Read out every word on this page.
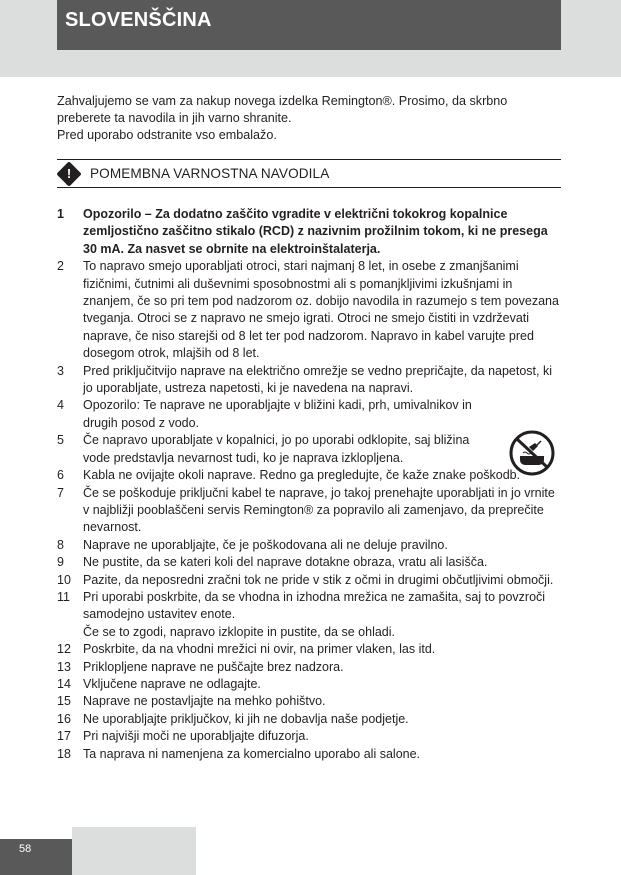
SLOVENŠČINA

Zahvaljujemo se vam za nakup novega izdelka Remington®. Prosimo, da skrbno preberete ta navodila in jih varno shranite.

Pred uporabo odstranite vso embalažo.

!	POMEMBNA VARNOSTNA NAVODILA
1	Opozorilo – Za dodatno zaščito vgradite v električni tokokrog kopalnice zemljostično zaščitno stikalo (RCD) z nazivnim prožilnim tokom, ki ne presega 30 mA. Za nasvet se obrnite na elektroinštalaterja.
2	To napravo smejo uporabljati otroci, stari najmanj 8 let, in osebe z zmanjšanimi fizičnimi, čutnimi ali duševnimi sposobnostmi ali s pomanjkljivimi izkušnjami in znanjem, če so pri tem pod nadzorom oz. dobijo navodila in razumejo s tem povezana tveganja. Otroci se z napravo ne smejo igrati. Otroci ne smejo čistiti in vzdrževati naprave, če niso starejši od 8 let ter pod nadzorom. Napravo in kabel varujte pred dosegom otrok, mlajših od 8 let.
3	Pred priključitvijo naprave na električno omrežje se vedno prepričajte, da napetost, ki jo uporabljate, ustreza napetosti, ki je navedena na napravi.
4	Opozorilo: Te naprave ne uporabljajte v bližini kadi, prh, umivalnikov in drugih posod z vodo.
5	Če napravo uporabljate v kopalnici, jo po uporabi odklopite, saj bližina vode predstavlja nevarnost tudi, ko je naprava izklopljena.
6	Kabla ne ovijajte okoli naprave. Redno ga pregledujte, če kaže znake poškodb.
7	Če se poškoduje priključni kabel te naprave, jo takoj prenehajte uporabljati in jo vrnite v najbližji pooblaščeni servis Remington® za popravilo ali zamenjavo, da preprečite nevarnost.
8	Naprave ne uporabljajte, če je poškodovana ali ne deluje pravilno.
9	Ne pustite, da se kateri koli del naprave dotakne obraza, vratu ali lasišča.
10 Pazite, da neposredni zračni tok ne pride v stik z očmi in drugimi občutljivimi območji.
11	Pri uporabi poskrbite, da se vhodna in izhodna mrežica ne zamašita, saj to povzroči samodejno ustavitev enote.
Če se to zgodi, napravo izklopite in pustite, da se ohladi.
12 Poskrbite, da na vhodni mrežici ni ovir, na primer vlaken, las itd.
13 Priklopljene naprave ne puščajte brez nadzora.
14 Vključene naprave ne odlagajte.
15 Naprave ne postavljajte na mehko pohištvo.
16 Ne uporabljajte priključkov, ki jih ne dobavlja naše podjetje.
17 Pri najvišji moči ne uporabljajte difuzorja.
18 Ta naprava ni namenjena za komercialno uporabo ali salone.
58
